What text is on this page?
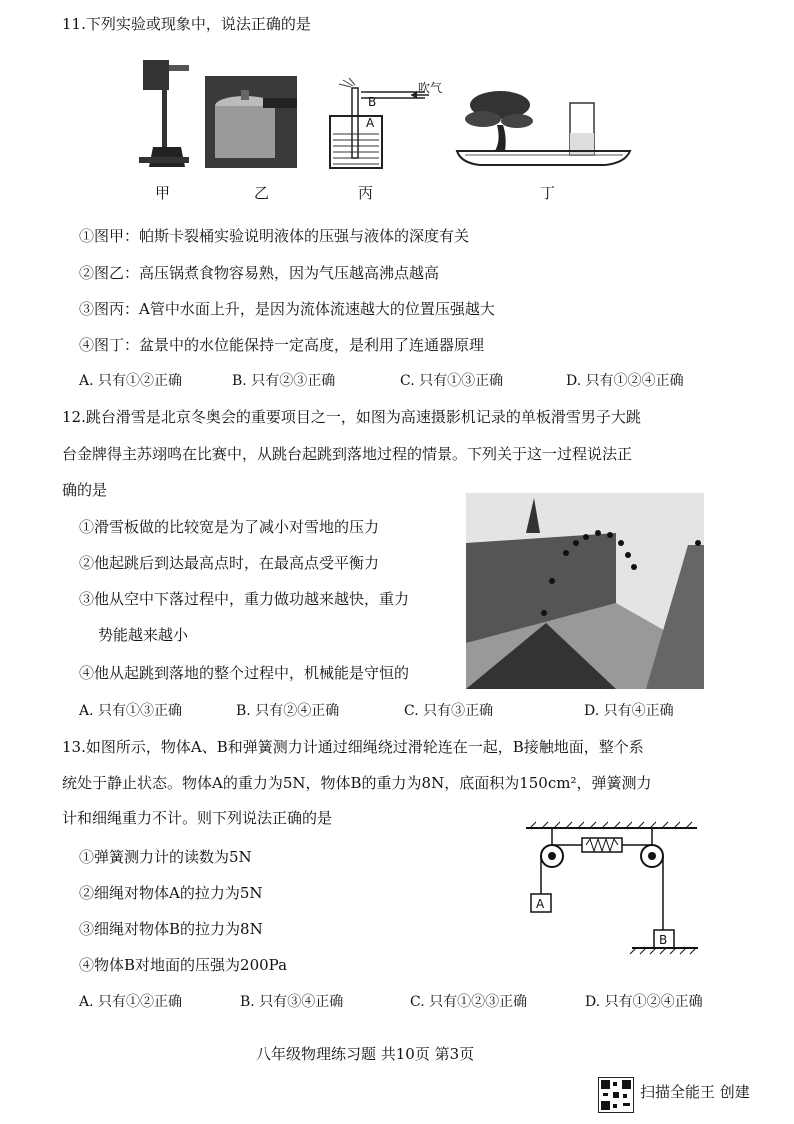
11.下列实验或现象中，说法正确的是
吹气
B
A
甲	乙	丙	丁
①图甲：帕斯卡裂桶实验说明液体的压强与液体的深度有关
②图乙：高压锅煮食物容易熟，因为气压越高沸点越高
③图丙：A管中水面上升，是因为流体流速越大的位置压强越大
④图丁：盆景中的水位能保持一定高度，是利用了连通器原理
A. 只有①②正确	B. 只有②③正确	C. 只有①③正确	D. 只有①②④正确
12.跳台滑雪是北京冬奥会的重要项目之一，如图为高速摄影机记录的单板滑雪男子大跳
台金牌得主苏翊鸣在比赛中，从跳台起跳到落地过程的情景。下列关于这一过程说法正
确的是
①滑雪板做的比较宽是为了减小对雪地的压力
②他起跳后到达最高点时，在最高点受平衡力
③他从空中下落过程中，重力做功越来越快，重力
势能越来越小
④他从起跳到落地的整个过程中，机械能是守恒的
A. 只有①③正确	B. 只有②④正确	C. 只有③正确	D. 只有④正确
13.如图所示，物体A、B和弹簧测力计通过细绳绕过滑轮连在一起，B接触地面，整个系
统处于静止状态。物体A的重力为5N，物体B的重力为8N，底面积为150cm²，弹簧测力
计和细绳重力不计。则下列说法正确的是
①弹簧测力计的读数为5N
②细绳对物体A的拉力为5N
③细绳对物体B的拉力为8N
④物体B对地面的压强为200Pa
A
B
A. 只有①②正确	B. 只有③④正确	C. 只有①②③正确	D. 只有①②④正确
八年级物理练习题 共10页 第3页
扫描全能王 创建
